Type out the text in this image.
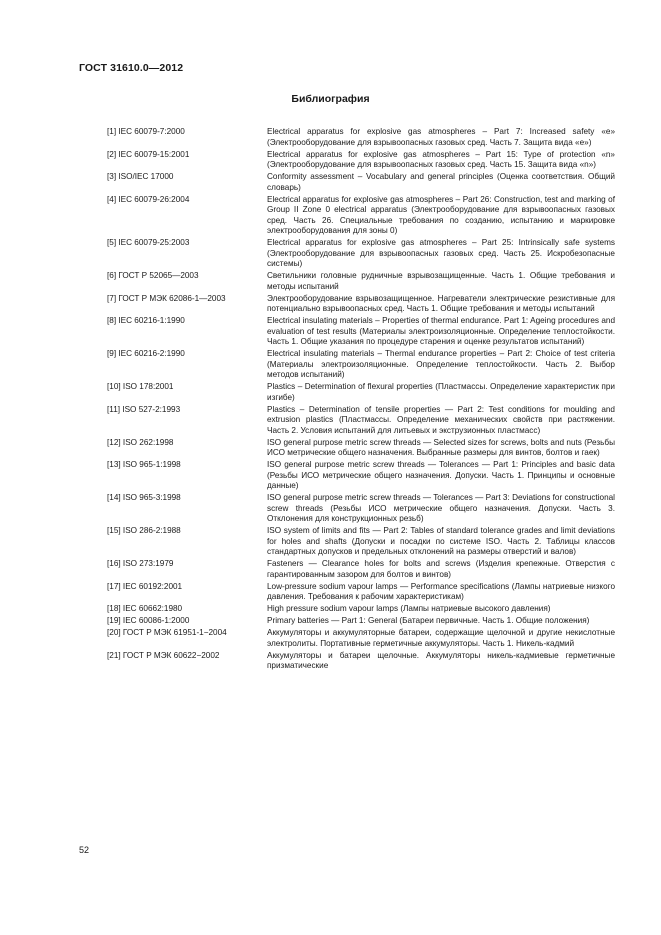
ГОСТ 31610.0—2012
Библиография
[1] IEC 60079-7:2000	Electrical apparatus for explosive gas atmospheres – Part 7: Increased safety «e» (Электрооборудование для взрывоопасных газовых сред. Часть 7. Защита вида «e»)
[2] IEC 60079-15:2001	Electrical apparatus for explosive gas atmospheres – Part 15: Type of protection «n» (Электрооборудование для взрывоопасных газовых сред. Часть 15. Защита вида «n»)
[3] ISO/IEC 17000	Conformity assessment – Vocabulary and general principles (Оценка соответствия. Общий словарь)
[4] IEC 60079-26:2004	Electrical apparatus for explosive gas atmospheres – Part 26: Construction, test and marking of Group II Zone 0 electrical apparatus (Электрооборудование для взрывоопасных газовых сред. Часть 26. Специальные требования по созданию, испытанию и маркировке электрооборудования для зоны 0)
[5] IEC 60079-25:2003	Electrical apparatus for explosive gas atmospheres – Part 25: Intrinsically safe systems (Электрооборудование для взрывоопасных газовых сред. Часть 25. Искробезопасные системы)
[6] ГОСТ Р 52065—2003	Светильники головные рудничные взрывозащищенные. Часть 1. Общие требования и методы испытаний
[7] ГОСТ Р МЭК 62086-1—2003	Электрооборудование взрывозащищенное. Нагреватели электрические резистивные для потенциально взрывоопасных сред. Часть 1. Общие требования и методы испытаний
[8] IEC 60216-1:1990	Electrical insulating materials – Properties of thermal endurance. Part 1: Ageing procedures and evaluation of test results (Материалы электроизоляционные. Определение теплостойкости. Часть 1. Общие указания по процедуре старения и оценке результатов испытаний)
[9] IEC 60216-2:1990	Electrical insulating materials – Thermal endurance properties – Part 2: Choice of test criteria (Материалы электроизоляционные. Определение теплостойкости. Часть 2. Выбор методов испытаний)
[10] ISO 178:2001	Plastics – Determination of flexural properties (Пластмассы. Определение характеристик при изгибе)
[11] ISO 527-2:1993	Plastics – Determination of tensile properties — Part 2: Test conditions for moulding and extrusion plastics (Пластмассы. Определение механических свойств при растяжении. Часть 2. Условия испытаний для литьевых и экструзионных пластмасс)
[12] ISO 262:1998	ISO general purpose metric screw threads — Selected sizes for screws, bolts and nuts (Резьбы ИСО метрические общего назначения. Выбранные размеры для винтов, болтов и гаек)
[13] ISO 965-1:1998	ISO general purpose metric screw threads — Tolerances — Part 1: Principles and basic data (Резьбы ИСО метрические общего назначения. Допуски. Часть 1. Принципы и основные данные)
[14] ISO 965-3:1998	ISO general purpose metric screw threads — Tolerances — Part 3: Deviations for constructional screw threads (Резьбы ИСО метрические общего назначения. Допуски. Часть 3. Отклонения для конструкционных резьб)
[15] ISO 286-2:1988	ISO system of limits and fits — Part 2: Tables of standard tolerance grades and limit deviations for holes and shafts (Допуски и посадки по системе ISO. Часть 2. Таблицы классов стандартных допусков и предельных отклонений на размеры отверстий и валов)
[16] ISO 273:1979	Fasteners — Clearance holes for bolts and screws (Изделия крепежные. Отверстия с гарантированным зазором для болтов и винтов)
[17] IEC 60192:2001	Low-pressure sodium vapour lamps — Performance specifications (Лампы натриевые низкого давления. Требования к рабочим характеристикам)
[18] IEC 60662:1980	High pressure sodium vapour lamps (Лампы натриевые высокого давления)
[19] IEC 60086-1:2000	Primary batteries — Part 1: General (Батареи первичные. Часть 1. Общие положения)
[20] ГОСТ Р МЭК 61951-1−2004	Аккумуляторы и аккумуляторные батареи, содержащие щелочной и другие некислотные электролиты. Портативные герметичные аккумуляторы. Часть 1. Никель-кадмий
[21] ГОСТ Р МЭК 60622−2002	Аккумуляторы и батареи щелочные. Аккумуляторы никель-кадмиевые герметичные призматические
52
